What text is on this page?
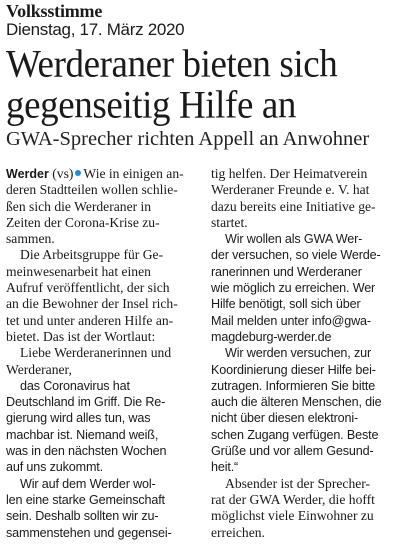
Volksstimme
Dienstag, 17. März 2020
Werderaner bieten sich gegenseitig Hilfe an
GWA-Sprecher richten Appell an Anwohner

Werder (vs) Wie in einigen an-
deren Stadtteilen wollen schlie-
ßen sich die Werderaner in
Zeiten der Corona-Krise zu-
sammen.

Die Arbeitsgruppe für Ge-
meinwesenarbeit hat einen
Aufruf veröffentlicht, der sich
an die Bewohner der Insel rich-
tet und unter anderen Hilfe an-
bietet. Das ist der Wortlaut:

Liebe Werderanerinnen und
Werderaner,

das Coronavirus hat
Deutschland im Griff. Die Re-
gierung wird alles tun, was
machbar ist. Niemand weiß,
was in den nächsten Wochen
auf uns zukommt.

Wir auf dem Werder wol-
len eine starke Gemeinschaft
sein. Deshalb sollten wir zu-
sammenstehen und gegensei-

tig helfen. Der Heimatverein
Werderaner Freunde e. V. hat
dazu bereits eine Initiative ge-
startet.

Wir wollen als GWA Wer-
der versuchen, so viele Werde-
ranerinnen und Werderaner
wie möglich zu erreichen. Wer
Hilfe benötigt, soll sich über
Mail melden unter info@gwa-
magdeburg-werder.de

Wir werden versuchen, zur
Koordinierung dieser Hilfe bei-
zutragen. Informieren Sie bitte
auch die älteren Menschen, die
nicht über diesen elektroni-
schen Zugang verfügen. Beste
Grüße und vor allem Gesund-
heit.“

Absender ist der Sprecher-
rat der GWA Werder, die hofft
möglichst viele Einwohner zu
erreichen.
